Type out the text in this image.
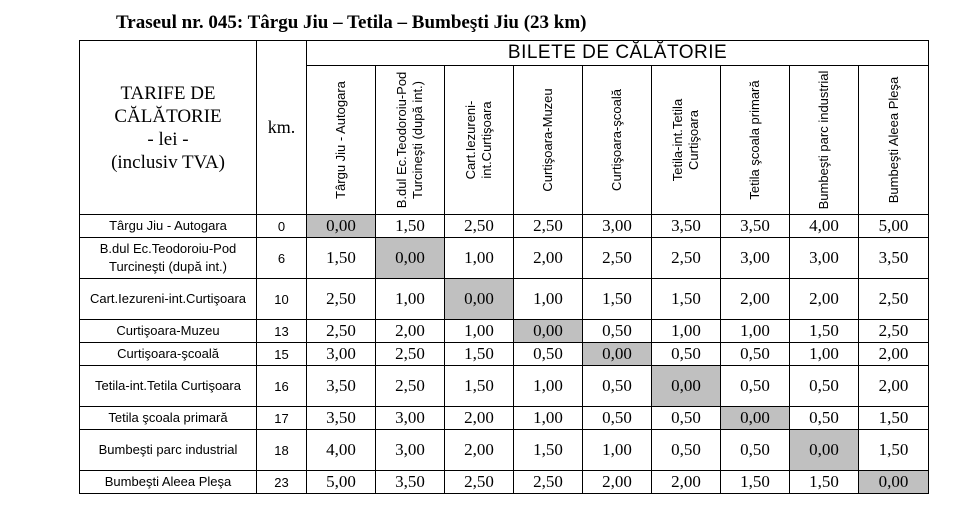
Traseul nr. 045: Târgu Jiu – Tetila – Bumbeşti Jiu (23 km)
TARIFE DE
CĂLĂTORIE
- lei -
(inclusiv TVA)	km.	BILETE DE CĂLĂTORIE								

		Târgu Jiu - Autogara	B.dul Ec.Teodoroiu-Pod Turcineşti (după int.)	Cart.Iezureni-int.Curtişoara	Curtişoara-Muzeu	Curtişoara-şcoală	Tetila-int.Tetila Curtişoara	Tetila şcoala primară	Bumbeşti parc industrial	Bumbeşti Aleea Pleşa

Târgu Jiu - Autogara	0	0,00	1,50	2,50	2,50	3,00	3,50	3,50	4,00	5,00
B.dul Ec.Teodoroiu-Pod Turcineşti (după int.)	6	1,50	0,00	1,00	2,00	2,50	2,50	3,00	3,00	3,50
Cart.Iezureni-int.Curtişoara	10	2,50	1,00	0,00	1,00	1,50	1,50	2,00	2,00	2,50
Curtişoara-Muzeu	13	2,50	2,00	1,00	0,00	0,50	1,00	1,00	1,50	2,50
Curtişoara-şcoală	15	3,00	2,50	1,50	0,50	0,00	0,50	0,50	1,00	2,00
Tetila-int.Tetila Curtişoara	16	3,50	2,50	1,50	1,00	0,50	0,00	0,50	0,50	2,00
Tetila şcoala primară	17	3,50	3,00	2,00	1,00	0,50	0,50	0,00	0,50	1,50
Bumbeşti parc industrial	18	4,00	3,00	2,00	1,50	1,00	0,50	0,50	0,00	1,50
Bumbeşti Aleea Pleşa	23	5,00	3,50	2,50	2,50	2,00	2,00	1,50	1,50	0,00
